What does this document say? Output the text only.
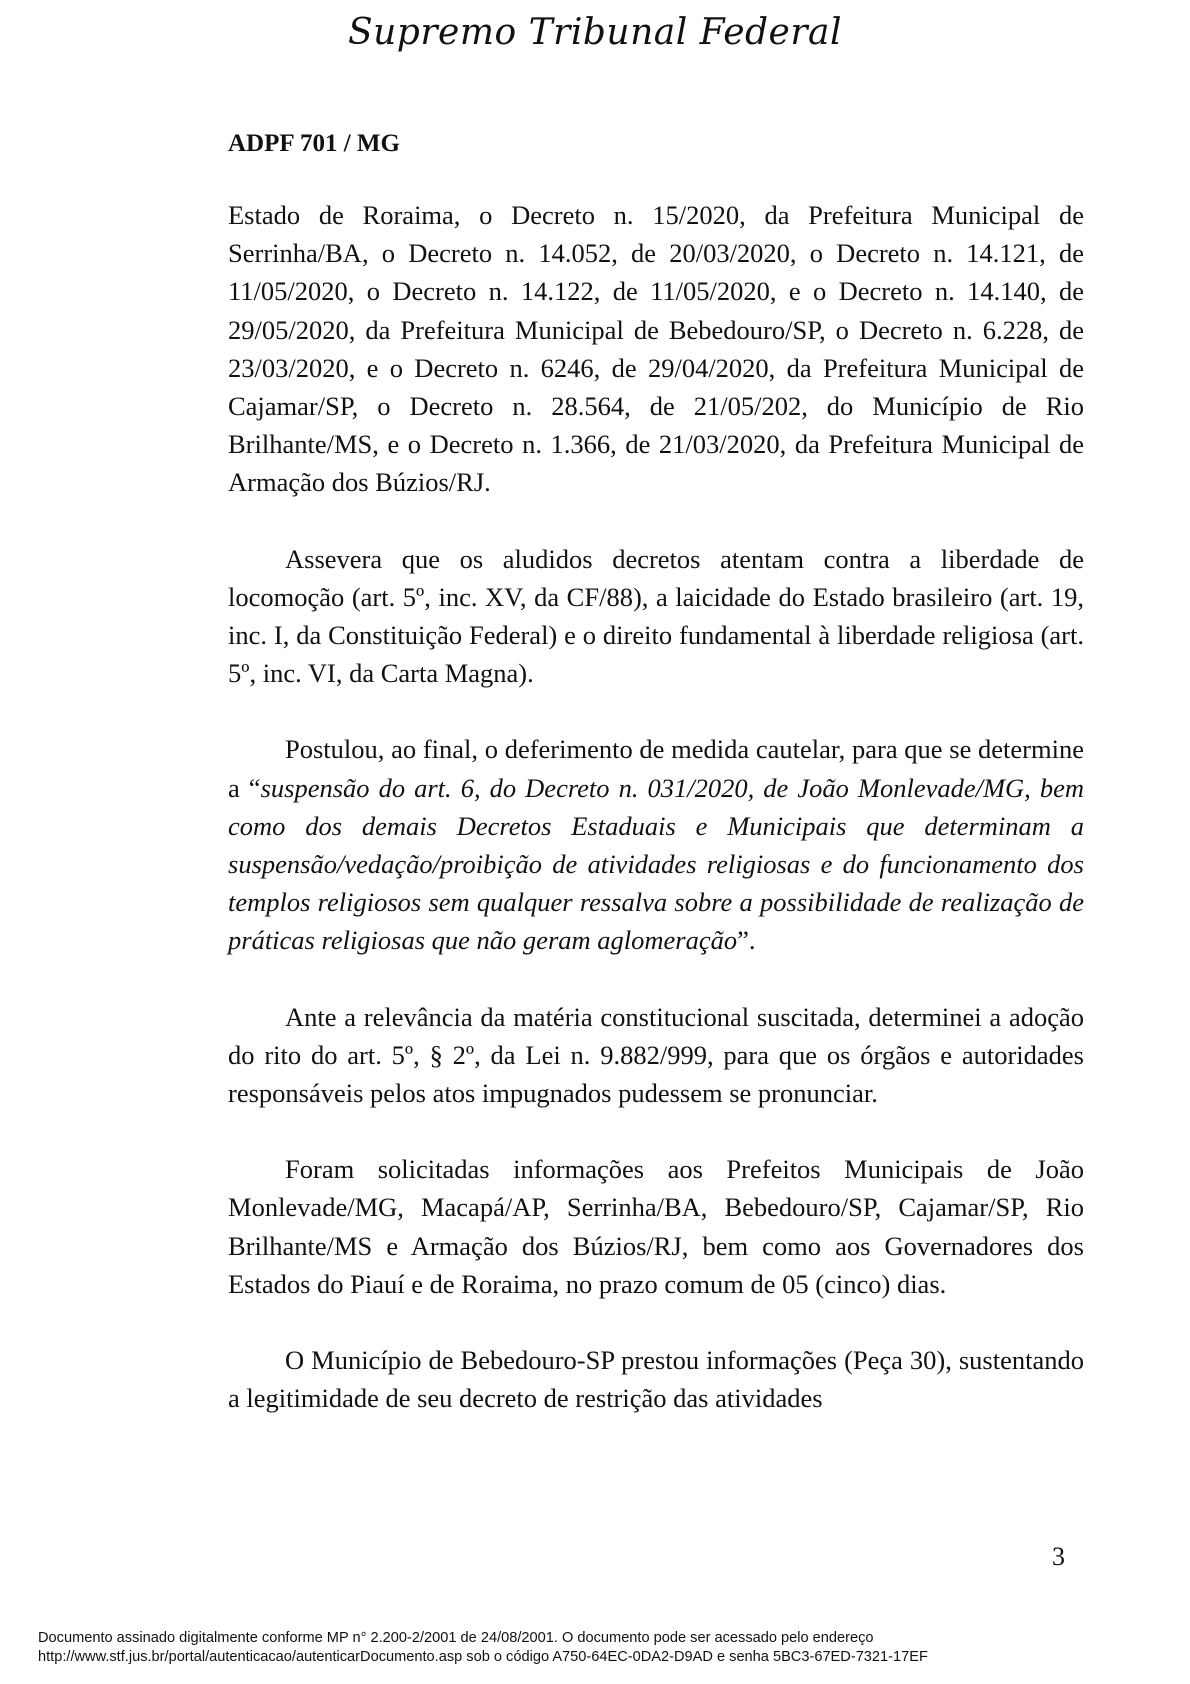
Supremo Tribunal Federal
ADPF 701 / MG

Estado de Roraima, o Decreto n. 15/2020, da Prefeitura Municipal de Serrinha/BA, o Decreto n. 14.052, de 20/03/2020, o Decreto n. 14.121, de 11/05/2020, o Decreto n. 14.122, de 11/05/2020, e o Decreto n. 14.140, de 29/05/2020, da Prefeitura Municipal de Bebedouro/SP, o Decreto n. 6.228, de 23/03/2020, e o Decreto n. 6246, de 29/04/2020, da Prefeitura Municipal de Cajamar/SP, o Decreto n. 28.564, de 21/05/202, do Município de Rio Brilhante/MS, e o Decreto n. 1.366, de 21/03/2020, da Prefeitura Municipal de Armação dos Búzios/RJ.

Assevera que os aludidos decretos atentam contra a liberdade de locomoção (art. 5º, inc. XV, da CF/88), a laicidade do Estado brasileiro (art. 19, inc. I, da Constituição Federal) e o direito fundamental à liberdade religiosa (art. 5º, inc. VI, da Carta Magna).

Postulou, ao final, o deferimento de medida cautelar, para que se determine a “suspensão do art. 6, do Decreto n. 031/2020, de João Monlevade/MG, bem como dos demais Decretos Estaduais e Municipais que determinam a suspensão/vedação/proibição de atividades religiosas e do funcionamento dos templos religiosos sem qualquer ressalva sobre a possibilidade de realização de práticas religiosas que não geram aglomeração”.

Ante a relevância da matéria constitucional suscitada, determinei a adoção do rito do art. 5º, § 2º, da Lei n. 9.882/999, para que os órgãos e autoridades responsáveis pelos atos impugnados pudessem se pronunciar.

Foram solicitadas informações aos Prefeitos Municipais de João Monlevade/MG, Macapá/AP, Serrinha/BA, Bebedouro/SP, Cajamar/SP, Rio Brilhante/MS e Armação dos Búzios/RJ, bem como aos Governadores dos Estados do Piauí e de Roraima, no prazo comum de 05 (cinco) dias.

O Município de Bebedouro-SP prestou informações (Peça 30), sustentando a legitimidade de seu decreto de restrição das atividades

3
Documento assinado digitalmente conforme MP n° 2.200-2/2001 de 24/08/2001. O documento pode ser acessado pelo endereço
http://www.stf.jus.br/portal/autenticacao/autenticarDocumento.asp sob o código A750-64EC-0DA2-D9AD e senha 5BC3-67ED-7321-17EF
